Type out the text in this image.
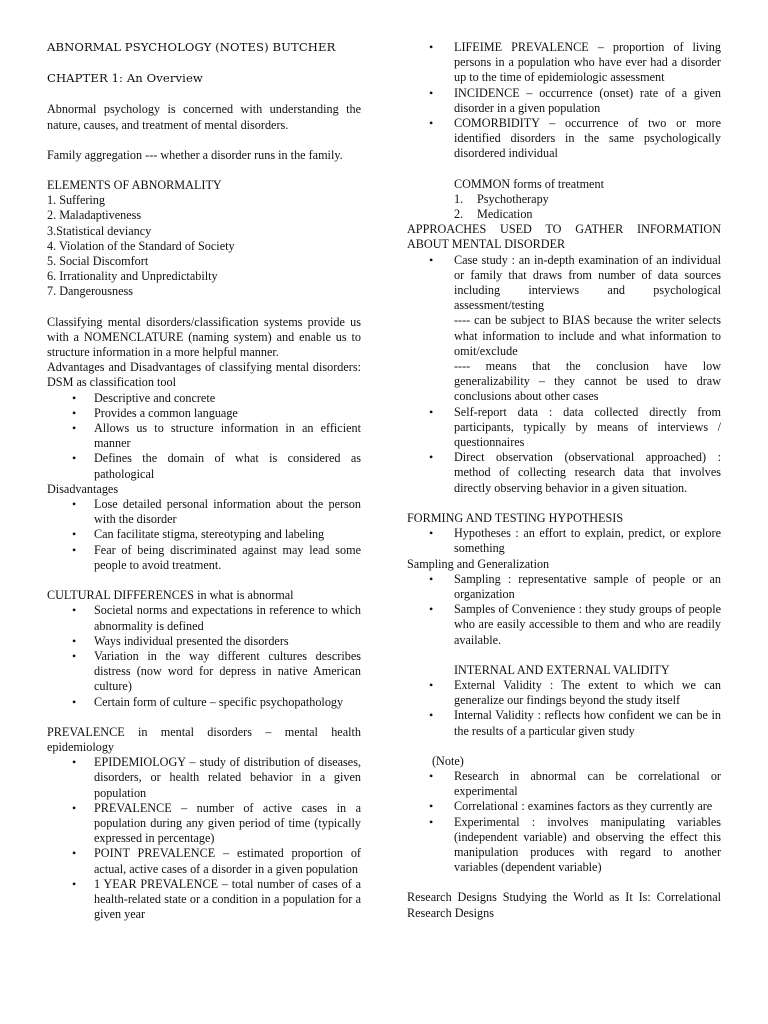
ABNORMAL PSYCHOLOGY (NOTES) BUTCHER

CHAPTER 1: An Overview

Abnormal psychology is concerned with understanding the nature, causes, and treatment of mental disorders.

Family aggregation --- whether a disorder runs in the family.

ELEMENTS OF ABNORMALITY

1. Suffering

2. Maladaptiveness

3.Statistical deviancy

4. Violation of the Standard of Society

5. Social Discomfort

6. Irrationality and Unpredictabilty

7. Dangerousness

Classifying mental disorders/classification systems provide us with a NOMENCLATURE (naming system) and enable us to structure information in a more helpful manner.

Advantages and Disadvantages of classifying mental disorders: DSM as classification tool

• Descriptive and concrete
• Provides a common language
• Allows us to structure information in an efficient manner
• Defines the domain of what is considered as pathological

Disadvantages

• Lose detailed personal information about the person with the disorder
• Can facilitate stigma, stereotyping and labeling
• Fear of being discriminated against may lead some people to avoid treatment.

CULTURAL DIFFERENCES in what is abnormal

• Societal norms and expectations in reference to which abnormality is defined
• Ways individual presented the disorders
• Variation in the way different cultures describes distress (now word for depress in native American culture)
• Certain form of culture – specific psychopathology

PREVALENCE in mental disorders – mental health epidemiology

• EPIDEMIOLOGY – study of distribution of diseases, disorders, or health related behavior in a given population
• PREVALENCE – number of active cases in a population during any given period of time (typically expressed in percentage)
• POINT PREVALENCE – estimated proportion of actual, active cases of a disorder in a given population
• 1 YEAR PREVALENCE – total number of cases of a health-related state or a condition in a population for a given year
• LIFEIME PREVALENCE – proportion of living persons in a population who have ever had a disorder up to the time of epidemiologic assessment
• INCIDENCE – occurrence (onset) rate of a given disorder in a given population
• COMORBIDITY – occurrence of two or more identified disorders in the same psychologically disordered individual

COMMON forms of treatment

1. Psychotherapy
2. Medication

APPROACHES USED TO GATHER INFORMATION ABOUT MENTAL DISORDER

• Case study : an in-depth examination of an individual or family that draws from number of data sources including interviews and psychological assessment/testing
---- can be subject to BIAS because the writer selects what information to include and what information to omit/exclude
---- means that the conclusion have low generalizability – they cannot be used to draw conclusions about other cases
• Self-report data : data collected directly from participants, typically by means of interviews / questionnaires
• Direct observation (observational approached) : method of collecting research data that involves directly observing behavior in a given situation.

FORMING AND TESTING HYPOTHESIS

• Hypotheses : an effort to explain, predict, or explore something

Sampling and Generalization

• Sampling : representative sample of people or an organization
• Samples of Convenience : they study groups of people who are easily accessible to them and who are readily available.

INTERNAL AND EXTERNAL VALIDITY

• External Validity : The extent to which we can generalize our findings beyond the study itself
• Internal Validity : reflects how confident we can be in the results of a particular given study

(Note)

• Research in abnormal can be correlational or experimental
• Correlational : examines factors as they currently are
• Experimental : involves manipulating variables (independent variable) and observing the effect this manipulation produces with regard to another variables (dependent variable)

Research Designs Studying the World as It Is: Correlational Research Designs
